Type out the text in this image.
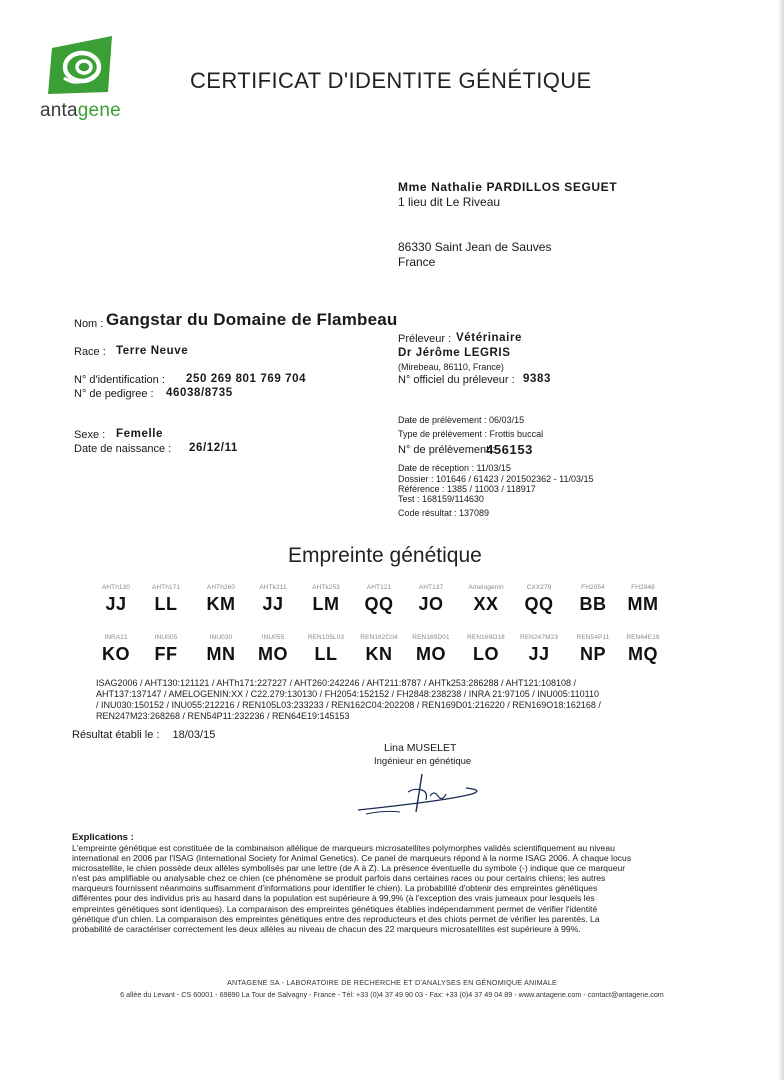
antagene
CERTIFICAT D'IDENTITE GÉNÉTIQUE
Mme Nathalie PARDILLOS SEGUET
1 lieu dit Le Riveau
86330 Saint Jean de Sauves
France
Nom : Gangstar du Domaine de Flambeau
Race : Terre Neuve
N° d'identification : 250 269 801 769 704
N° de pedigree : 46038/8735
Sexe : Femelle
Date de naissance : 26/12/11
Préleveur : Vétérinaire
Dr Jérôme LEGRIS
(Mirebeau, 86110, France)
N° officiel du préleveur : 9383
Date de prélèvement : 06/03/15
Type de prélèvement : Frottis buccal
N° de prélèvement :
456153
Date de réception : 11/03/15
Dossier : 101646 / 61423 / 201502362 - 11/03/15
Référence : 1385 / 11003 / 118917
Test : 168159/114630
Code résultat : 137089
Empreinte génétique
AHTh130
JJ
AHTh171
LL
AHTh260
KM
AHTk211
JJ
AHTk253
LM
AHT121
QQ
AHT137
JO
Amelogenin
XX
CXX279
QQ
FH2054
BB
FH2848
MM
INRA21
KO
INU005
FF
INU030
MN
INU055
MO
REN105L03
LL
REN162C04
KN
REN169D01
MO
REN169O18
LO
REN247M23
JJ
REN54P11
NP
REN64E19
MQ
ISAG2006 / AHT130:121121 / AHTh171:227227 / AHT260:242246 / AHT211:8787 / AHTk253:286288 / AHT121:108108 /
AHT137:137147 / AMELOGENIN:XX / C22.279:130130 / FH2054:152152 / FH2848:238238 / INRA 21:97105 / INU005:110110
/ INU030:150152 / INU055:212216 / REN105L03:233233 / REN162C04:202208 / REN169D01:216220 / REN169O18:162168 /
REN247M23:268268 / REN54P11:232236 / REN64E19:145153
Résultat établi le : 18/03/15
Lina MUSELET
Ingénieur en génétique
Explications :
L'empreinte génétique est constituée de la combinaison allélique de marqueurs microsatellites polymorphes validés scientifiquement au niveau
international en 2006 par l'ISAG (International Society for Animal Genetics). Ce panel de marqueurs répond à la norme ISAG 2006. À chaque locus
microsatellite, le chien possède deux allèles symbolisés par une lettre (de A à Z). La présence éventuelle du symbole (-) indique que ce marqueur
n'est pas amplifiable ou analysable chez ce chien (ce phénomène se produit parfois dans certaines races ou pour certains chiens; les autres
marqueurs fournissent néanmoins suffisamment d'informations pour identifier le chien). La probabilité d'obtenir des empreintes génétiques
différentes pour des individus pris au hasard dans la population est supérieure à 99,9% (à l'exception des vrais jumeaux pour lesquels les
empreintes génétiques sont identiques). La comparaison des empreintes génétiques établies indépendamment permet de vérifier l'identité
génétique d'un chien. La comparaison des empreintes génétiques entre des reproducteurs et des chiots permet de vérifier les parentés. La
probabilité de caractériser correctement les deux allèles au niveau de chacun des 22 marqueurs microsatellites est supérieure à 99%.
ANTAGENE SA - LABORATOIRE DE RECHERCHE ET D'ANALYSES EN GÉNOMIQUE ANIMALE
6 allée du Levant - CS 60001 - 69890 La Tour de Salvagny - France - Tél: +33 (0)4 37 49 90 03 - Fax: +33 (0)4 37 49 04 89 - www.antagene.com - contact@antagene.com
